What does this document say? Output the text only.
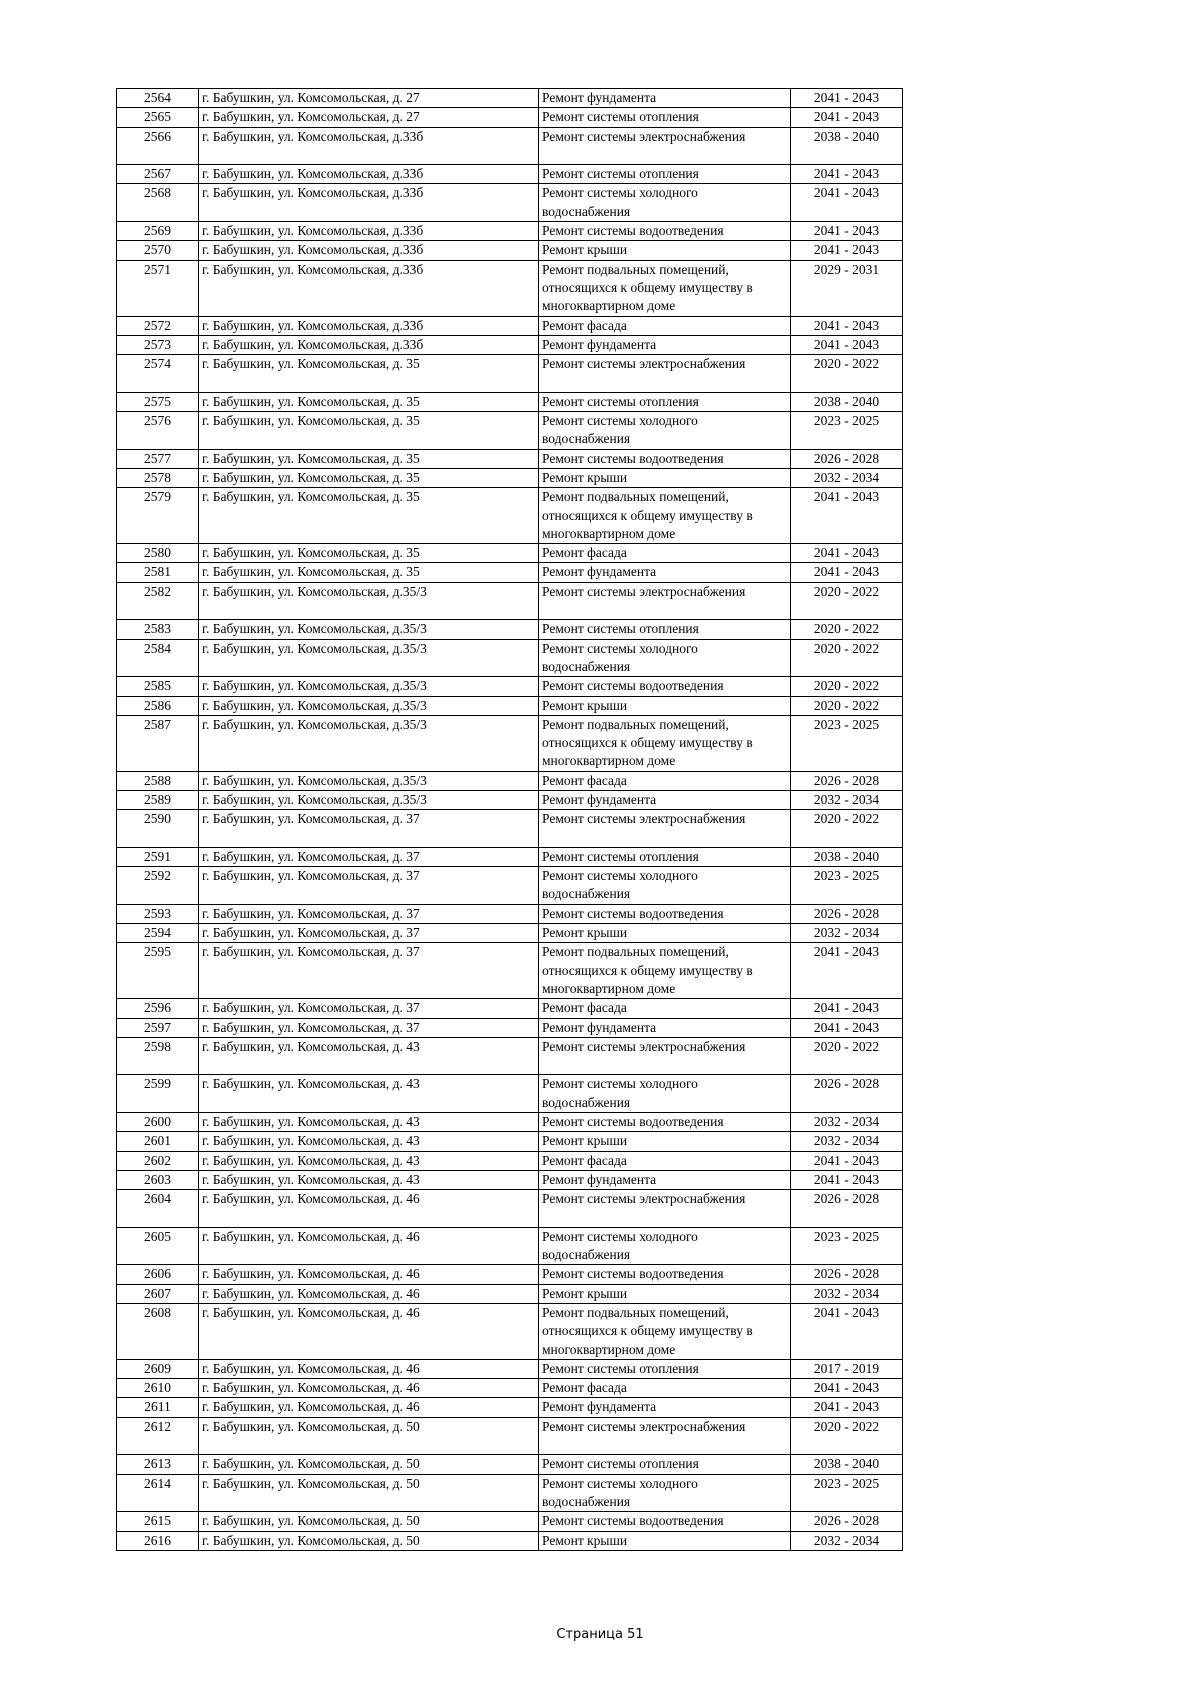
2564	г. Бабушкин, ул. Комсомольская, д. 27	Ремонт фундамента	2041 - 2043
2565	г. Бабушкин, ул. Комсомольская, д. 27	Ремонт системы отопления	2041 - 2043
2566	г. Бабушкин, ул. Комсомольская, д.33б	Ремонт системы электроснабжения	2038 - 2040
2567	г. Бабушкин, ул. Комсомольская, д.33б	Ремонт системы отопления	2041 - 2043
2568	г. Бабушкин, ул. Комсомольская, д.33б	Ремонт системы холодного водоснабжения	2041 - 2043
2569	г. Бабушкин, ул. Комсомольская, д.33б	Ремонт системы водоотведения	2041 - 2043
2570	г. Бабушкин, ул. Комсомольская, д.33б	Ремонт крыши	2041 - 2043
2571	г. Бабушкин, ул. Комсомольская, д.33б	Ремонт подвальных помещений, относящихся к общему имуществу в многоквартирном доме	2029 - 2031
2572	г. Бабушкин, ул. Комсомольская, д.33б	Ремонт фасада	2041 - 2043
2573	г. Бабушкин, ул. Комсомольская, д.33б	Ремонт фундамента	2041 - 2043
2574	г. Бабушкин, ул. Комсомольская, д. 35	Ремонт системы электроснабжения	2020 - 2022
2575	г. Бабушкин, ул. Комсомольская, д. 35	Ремонт системы отопления	2038 - 2040
2576	г. Бабушкин, ул. Комсомольская, д. 35	Ремонт системы холодного водоснабжения	2023 - 2025
2577	г. Бабушкин, ул. Комсомольская, д. 35	Ремонт системы водоотведения	2026 - 2028
2578	г. Бабушкин, ул. Комсомольская, д. 35	Ремонт крыши	2032 - 2034
2579	г. Бабушкин, ул. Комсомольская, д. 35	Ремонт подвальных помещений, относящихся к общему имуществу в многоквартирном доме	2041 - 2043
2580	г. Бабушкин, ул. Комсомольская, д. 35	Ремонт фасада	2041 - 2043
2581	г. Бабушкин, ул. Комсомольская, д. 35	Ремонт фундамента	2041 - 2043
2582	г. Бабушкин, ул. Комсомольская, д.35/3	Ремонт системы электроснабжения	2020 - 2022
2583	г. Бабушкин, ул. Комсомольская, д.35/3	Ремонт системы отопления	2020 - 2022
2584	г. Бабушкин, ул. Комсомольская, д.35/3	Ремонт системы холодного водоснабжения	2020 - 2022
2585	г. Бабушкин, ул. Комсомольская, д.35/3	Ремонт системы водоотведения	2020 - 2022
2586	г. Бабушкин, ул. Комсомольская, д.35/3	Ремонт крыши	2020 - 2022
2587	г. Бабушкин, ул. Комсомольская, д.35/3	Ремонт подвальных помещений, относящихся к общему имуществу в многоквартирном доме	2023 - 2025
2588	г. Бабушкин, ул. Комсомольская, д.35/3	Ремонт фасада	2026 - 2028
2589	г. Бабушкин, ул. Комсомольская, д.35/3	Ремонт фундамента	2032 - 2034
2590	г. Бабушкин, ул. Комсомольская, д. 37	Ремонт системы электроснабжения	2020 - 2022
2591	г. Бабушкин, ул. Комсомольская, д. 37	Ремонт системы отопления	2038 - 2040
2592	г. Бабушкин, ул. Комсомольская, д. 37	Ремонт системы холодного водоснабжения	2023 - 2025
2593	г. Бабушкин, ул. Комсомольская, д. 37	Ремонт системы водоотведения	2026 - 2028
2594	г. Бабушкин, ул. Комсомольская, д. 37	Ремонт крыши	2032 - 2034
2595	г. Бабушкин, ул. Комсомольская, д. 37	Ремонт подвальных помещений, относящихся к общему имуществу в многоквартирном доме	2041 - 2043
2596	г. Бабушкин, ул. Комсомольская, д. 37	Ремонт фасада	2041 - 2043
2597	г. Бабушкин, ул. Комсомольская, д. 37	Ремонт фундамента	2041 - 2043
2598	г. Бабушкин, ул. Комсомольская, д. 43	Ремонт системы электроснабжения	2020 - 2022
2599	г. Бабушкин, ул. Комсомольская, д. 43	Ремонт системы холодного водоснабжения	2026 - 2028
2600	г. Бабушкин, ул. Комсомольская, д. 43	Ремонт системы водоотведения	2032 - 2034
2601	г. Бабушкин, ул. Комсомольская, д. 43	Ремонт крыши	2032 - 2034
2602	г. Бабушкин, ул. Комсомольская, д. 43	Ремонт фасада	2041 - 2043
2603	г. Бабушкин, ул. Комсомольская, д. 43	Ремонт фундамента	2041 - 2043
2604	г. Бабушкин, ул. Комсомольская, д. 46	Ремонт системы электроснабжения	2026 - 2028
2605	г. Бабушкин, ул. Комсомольская, д. 46	Ремонт системы холодного водоснабжения	2023 - 2025
2606	г. Бабушкин, ул. Комсомольская, д. 46	Ремонт системы водоотведения	2026 - 2028
2607	г. Бабушкин, ул. Комсомольская, д. 46	Ремонт крыши	2032 - 2034
2608	г. Бабушкин, ул. Комсомольская, д. 46	Ремонт подвальных помещений, относящихся к общему имуществу в многоквартирном доме	2041 - 2043
2609	г. Бабушкин, ул. Комсомольская, д. 46	Ремонт системы отопления	2017 - 2019
2610	г. Бабушкин, ул. Комсомольская, д. 46	Ремонт фасада	2041 - 2043
2611	г. Бабушкин, ул. Комсомольская, д. 46	Ремонт фундамента	2041 - 2043
2612	г. Бабушкин, ул. Комсомольская, д. 50	Ремонт системы электроснабжения	2020 - 2022
2613	г. Бабушкин, ул. Комсомольская, д. 50	Ремонт системы отопления	2038 - 2040
2614	г. Бабушкин, ул. Комсомольская, д. 50	Ремонт системы холодного водоснабжения	2023 - 2025
2615	г. Бабушкин, ул. Комсомольская, д. 50	Ремонт системы водоотведения	2026 - 2028
2616	г. Бабушкин, ул. Комсомольская, д. 50	Ремонт крыши	2032 - 2034
Страница 51
